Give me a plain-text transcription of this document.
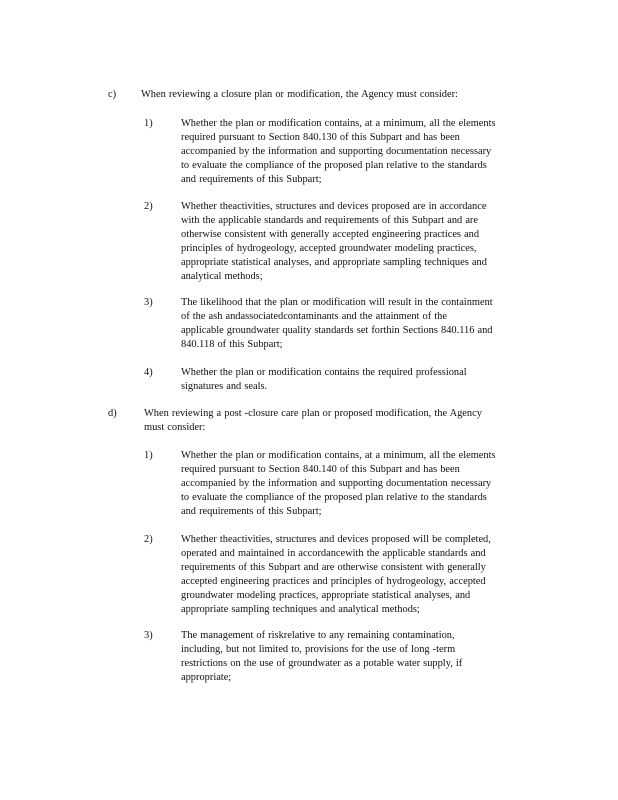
c) When reviewing a closure plan or modification, the Agency must consider:
1)	Whether the plan or modification contains, at a minimum, all the elements
required pursuant to Section 840.130 of this Subpart and has been
accompanied by the information and supporting documentation necessary
to evaluate the compliance of the proposed plan relative to the standards
and requirements of this Subpart;
2)	Whether theactivities, structures and devices proposed are in accordance
with the applicable standards and requirements of this Subpart and are
otherwise consistent with generally accepted engineering practices and
principles of hydrogeology, accepted groundwater modeling practices,
appropriate statistical analyses, and appropriate sampling techniques and
analytical methods;
3)	The likelihood that the plan or modification will result in the containment
of the ash andassociatedcontaminants and the attainment of the
applicable groundwater quality standards set forthin Sections 840.116 and
840.118 of this Subpart;
4)	Whether the plan or modification contains the required professional
signatures and seals.
d)	When reviewing a post -closure care plan or proposed modification, the Agency
must consider:
1)	Whether the plan or modification contains, at a minimum, all the elements
required pursuant to Section 840.140 of this Subpart and has been
accompanied by the information and supporting documentation necessary
to evaluate the compliance of the proposed plan relative to the standards
and requirements of this Subpart;
2)	Whether theactivities, structures and devices proposed will be completed,
operated and maintained in accordancewith the applicable standards and
requirements of this Subpart and are otherwise consistent with generally
accepted engineering practices and principles of hydrogeology, accepted
groundwater modeling practices, appropriate statistical analyses, and
appropriate sampling techniques and analytical methods;
3)	The management of riskrelative to any remaining contamination,
including, but not limited to, provisions for the use of long -term
restrictions on the use of groundwater as a potable water supply, if
appropriate;
